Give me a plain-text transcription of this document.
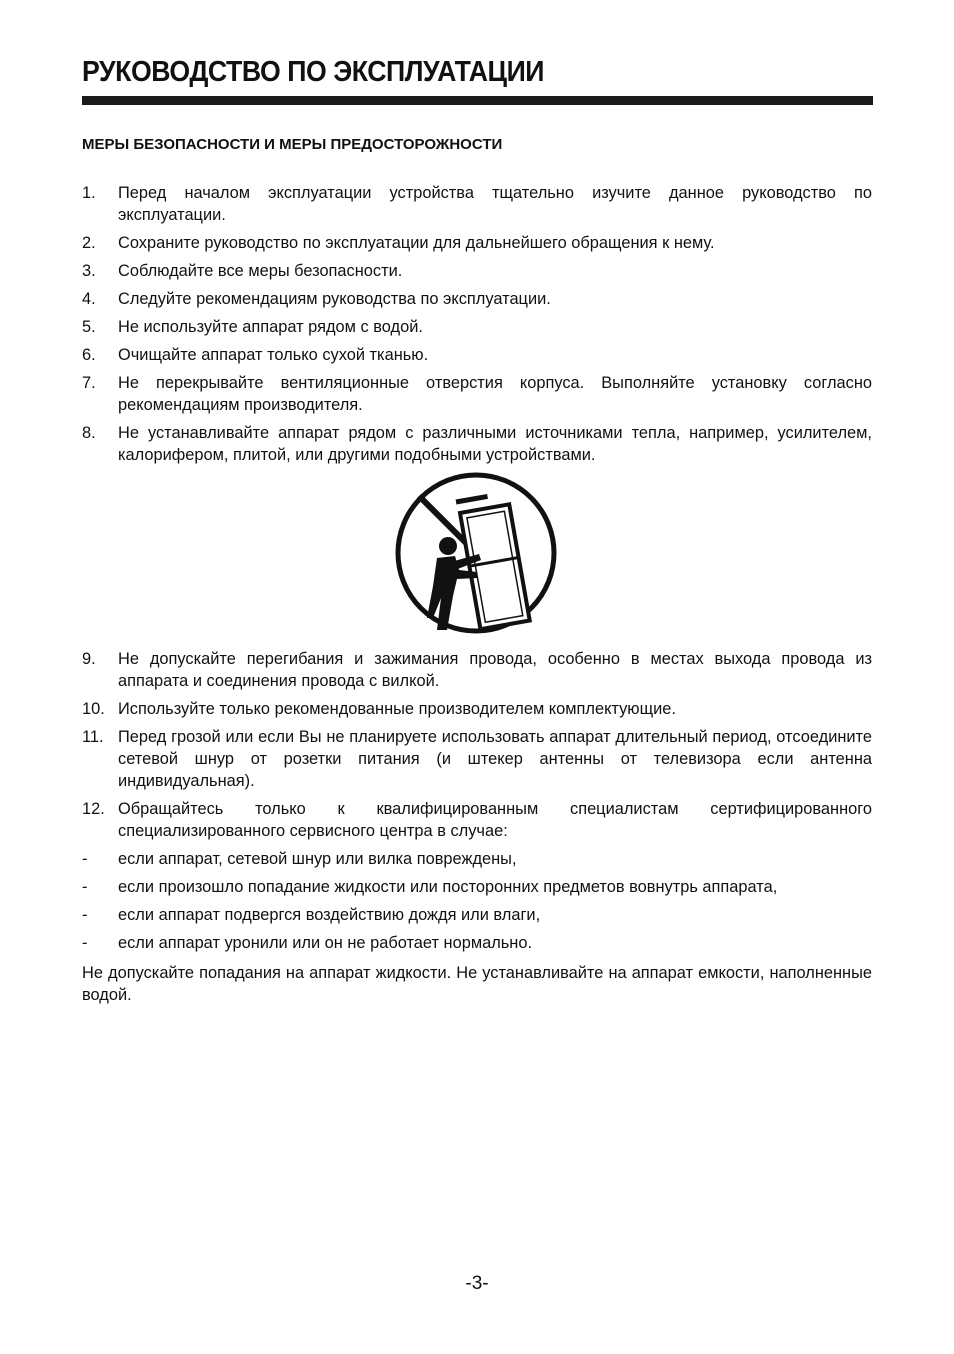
РУКОВОДСТВО ПО ЭКСПЛУАТАЦИИ
МЕРЫ БЕЗОПАСНОСТИ И МЕРЫ ПРЕДОСТОРОЖНОСТИ
1.	Перед началом эксплуатации устройства тщательно изучите данное руководство по эксплуатации.
2.	Сохраните руководство по эксплуатации для дальнейшего обращения к нему.
3.	Соблюдайте все меры безопасности.
4.	Следуйте рекомендациям руководства по эксплуатации.
5.	Не используйте аппарат рядом с водой.
6.	Очищайте аппарат только сухой тканью.
7.	Не перекрывайте вентиляционные отверстия корпуса. Выполняйте установку согласно рекомендациям производителя.
8.	Не устанавливайте аппарат рядом с различными источниками тепла, например, усилителем, калорифером, плитой, или другими подобными устройствами.
9.	Не допускайте перегибания и зажимания провода, особенно в местах выхода провода из аппарата и соединения провода с вилкой.
10. Используйте только рекомендованные производителем комплектующие.
11. Перед грозой или если Вы не планируете использовать аппарат длительный период, отсоедините сетевой шнур от розетки питания (и штекер антенны от телевизора если антенна индивидуальная).
12. Обращайтесь только к квалифицированным специалистам сертифицированного специализированного сервисного центра в случае:
-	если аппарат, сетевой шнур или вилка повреждены,
-	если произошло попадание жидкости или посторонних предметов вовнутрь аппарата,
-	если аппарат подвергся воздействию дождя или влаги,
-	если аппарат уронили или он не работает нормально.

Не допускайте попадания на аппарат жидкости. Не устанавливайте на аппарат емкости, наполненные водой.

-3-
